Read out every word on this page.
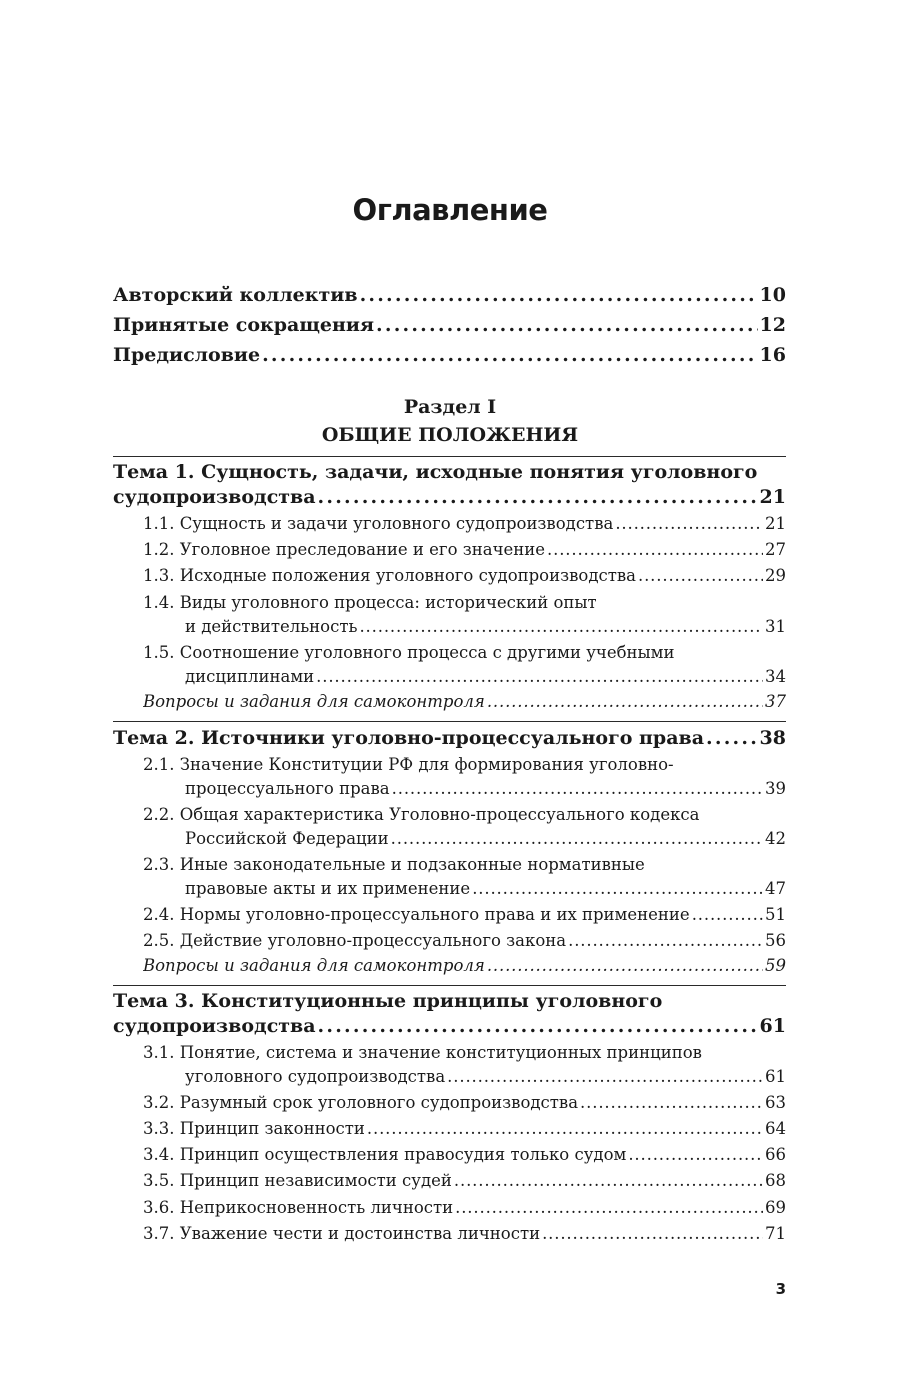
Оглавление
Авторский коллектив . . .	10
Принятые сокращения . . .	12
Предисловие . . .	16
Раздел I
ОБЩИЕ ПОЛОЖЕНИЯ
Тема 1. Сущность, задачи, исходные понятия уголовного
судопроизводства . . .	21
1.1. Сущность и задачи уголовного судопроизводства . . .	21
1.2. Уголовное преследование и его значение . . .	27
1.3. Исходные положения уголовного судопроизводства . . .	29
1.4. Виды уголовного процесса: исторический опыт
и действительность . . .	31
1.5. Соотношение уголовного процесса с другими учебными
дисциплинами . . .	34
Вопросы и задания для самоконтроля . . .	37
Тема 2. Источники уголовно-процессуального права . . .	38
2.1. Значение Конституции РФ для формирования уголовно-
процессуального права . . .	39
2.2. Общая характеристика Уголовно-процессуального кодекса
Российской Федерации . . .	42
2.3. Иные законодательные и подзаконные нормативные
правовые акты и их применение . . .	47
2.4. Нормы уголовно-процессуального права и их применение . . .	51
2.5. Действие уголовно-процессуального закона . . .	56
Вопросы и задания для самоконтроля . . .	59
Тема 3. Конституционные принципы уголовного
судопроизводства . . .	61
3.1. Понятие, система и значение конституционных принципов
уголовного судопроизводства . . .	61
3.2. Разумный срок уголовного судопроизводства . . .	63
3.3. Принцип законности . . .	64
3.4. Принцип осуществления правосудия только судом . . .	66
3.5. Принцип независимости судей . . .	68
3.6. Неприкосновенность личности . . .	69
3.7. Уважение чести и достоинства личности . . .	71
3
